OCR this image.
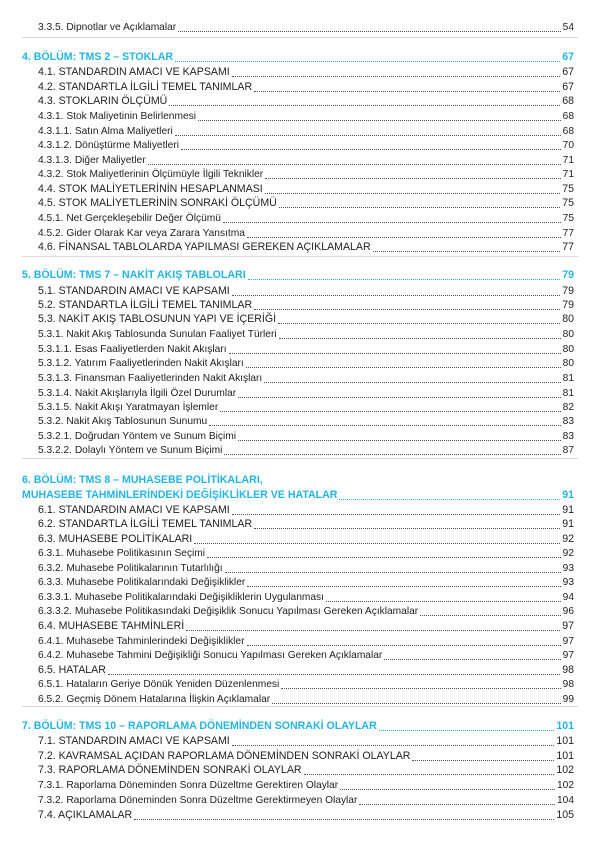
3.3.5. Dipnotlar ve Açıklamalar	54
4. BÖLÜM: TMS 2 – STOKLAR	67
4.1. STANDARDIN AMACI VE KAPSAMI	67
4.2. STANDARTLA İLGİLİ TEMEL TANIMLAR	67
4.3. STOKLARIN ÖLÇÜMÜ	68
4.3.1. Stok Maliyetinin Belirlenmesi	68
4.3.1.1. Satın Alma Maliyetleri	68
4.3.1.2. Dönüştürme Maliyetleri	70
4.3.1.3. Diğer Maliyetler	71
4.3.2. Stok Maliyetlerinin Ölçümüyle İlgili Teknikler	71
4.4. STOK MALİYETLERİNİN HESAPLANMASI	75
4.5. STOK MALİYETLERİNİN SONRAKİ ÖLÇÜMÜ	75
4.5.1. Net Gerçekleşebilir Değer Ölçümü	75
4.5.2. Gider Olarak Kar veya Zarara Yansıtma	77
4.6. FİNANSAL TABLOLARDA YAPILMASI GEREKEN AÇIKLAMALAR	77
5. BÖLÜM: TMS 7 – NAKİT AKIŞ TABLOLARI	79
5.1. STANDARDIN AMACI VE KAPSAMI	79
5.2. STANDARTLA İLGİLİ TEMEL TANIMLAR	79
5.3. NAKİT AKIŞ TABLOSUNUN YAPI VE İÇERİĞİ	80
5.3.1. Nakit Akış Tablosunda Sunulan Faaliyet Türleri	80
5.3.1.1. Esas Faaliyetlerden Nakit Akışları	80
5.3.1.2. Yatırım Faaliyetlerinden Nakit Akışları	80
5.3.1.3. Finansman Faaliyetlerinden Nakit Akışları	81
5.3.1.4. Nakit Akışlarıyla İlgili Özel Durumlar	81
5.3.1.5. Nakit Akışı Yaratmayan İşlemler	82
5.3.2. Nakit Akış Tablosunun Sunumu	83
5.3.2.1. Doğrudan Yöntem ve Sunum Biçimi	83
5.3.2.2. Dolaylı Yöntem ve Sunum Biçimi	87
6. BÖLÜM: TMS 8 – MUHASEBE POLİTİKALARI,
MUHASEBE TAHMİNLERİNDEKİ DEĞİŞİKLİKLER VE HATALAR	91
6.1. STANDARDIN AMACI VE KAPSAMI	91
6.2. STANDARTLA İLGİLİ TEMEL TANIMLAR	91
6.3. MUHASEBE POLİTİKALARI	92
6.3.1. Muhasebe Politikasının Seçimi	92
6.3.2. Muhasebe Politikalarının Tutarlılığı	93
6.3.3. Muhasebe Politikalarındaki Değişiklikler	93
6.3.3.1. Muhasebe Politikalarındaki Değişikliklerin Uygulanması	94
6.3.3.2. Muhasebe Politikasındaki Değişiklik Sonucu Yapılması Gereken Açıklamalar	96
6.4. MUHASEBE TAHMİNLERİ	97
6.4.1. Muhasebe Tahminlerindeki Değişiklikler	97
6.4.2. Muhasebe Tahmini Değişikliği Sonucu Yapılması Gereken Açıklamalar	97
6.5. HATALAR	98
6.5.1. Hataların Geriye Dönük Yeniden Düzenlenmesi	98
6.5.2. Geçmiş Dönem Hatalarına İlişkin Açıklamalar	99
7. BÖLÜM: TMS 10 – RAPORLAMA DÖNEMİNDEN SONRAKİ OLAYLAR	101
7.1. STANDARDIN AMACI VE KAPSAMI	101
7.2. KAVRAMSAL AÇIDAN RAPORLAMA DÖNEMİNDEN SONRAKİ OLAYLAR	101
7.3. RAPORLAMA DÖNEMİNDEN SONRAKİ OLAYLAR	102
7.3.1. Raporlama Döneminden Sonra Düzeltme Gerektiren Olaylar	102
7.3.2. Raporlama Döneminden Sonra Düzeltme Gerektirmeyen Olaylar	104
7.4. AÇIKLAMALAR	105
